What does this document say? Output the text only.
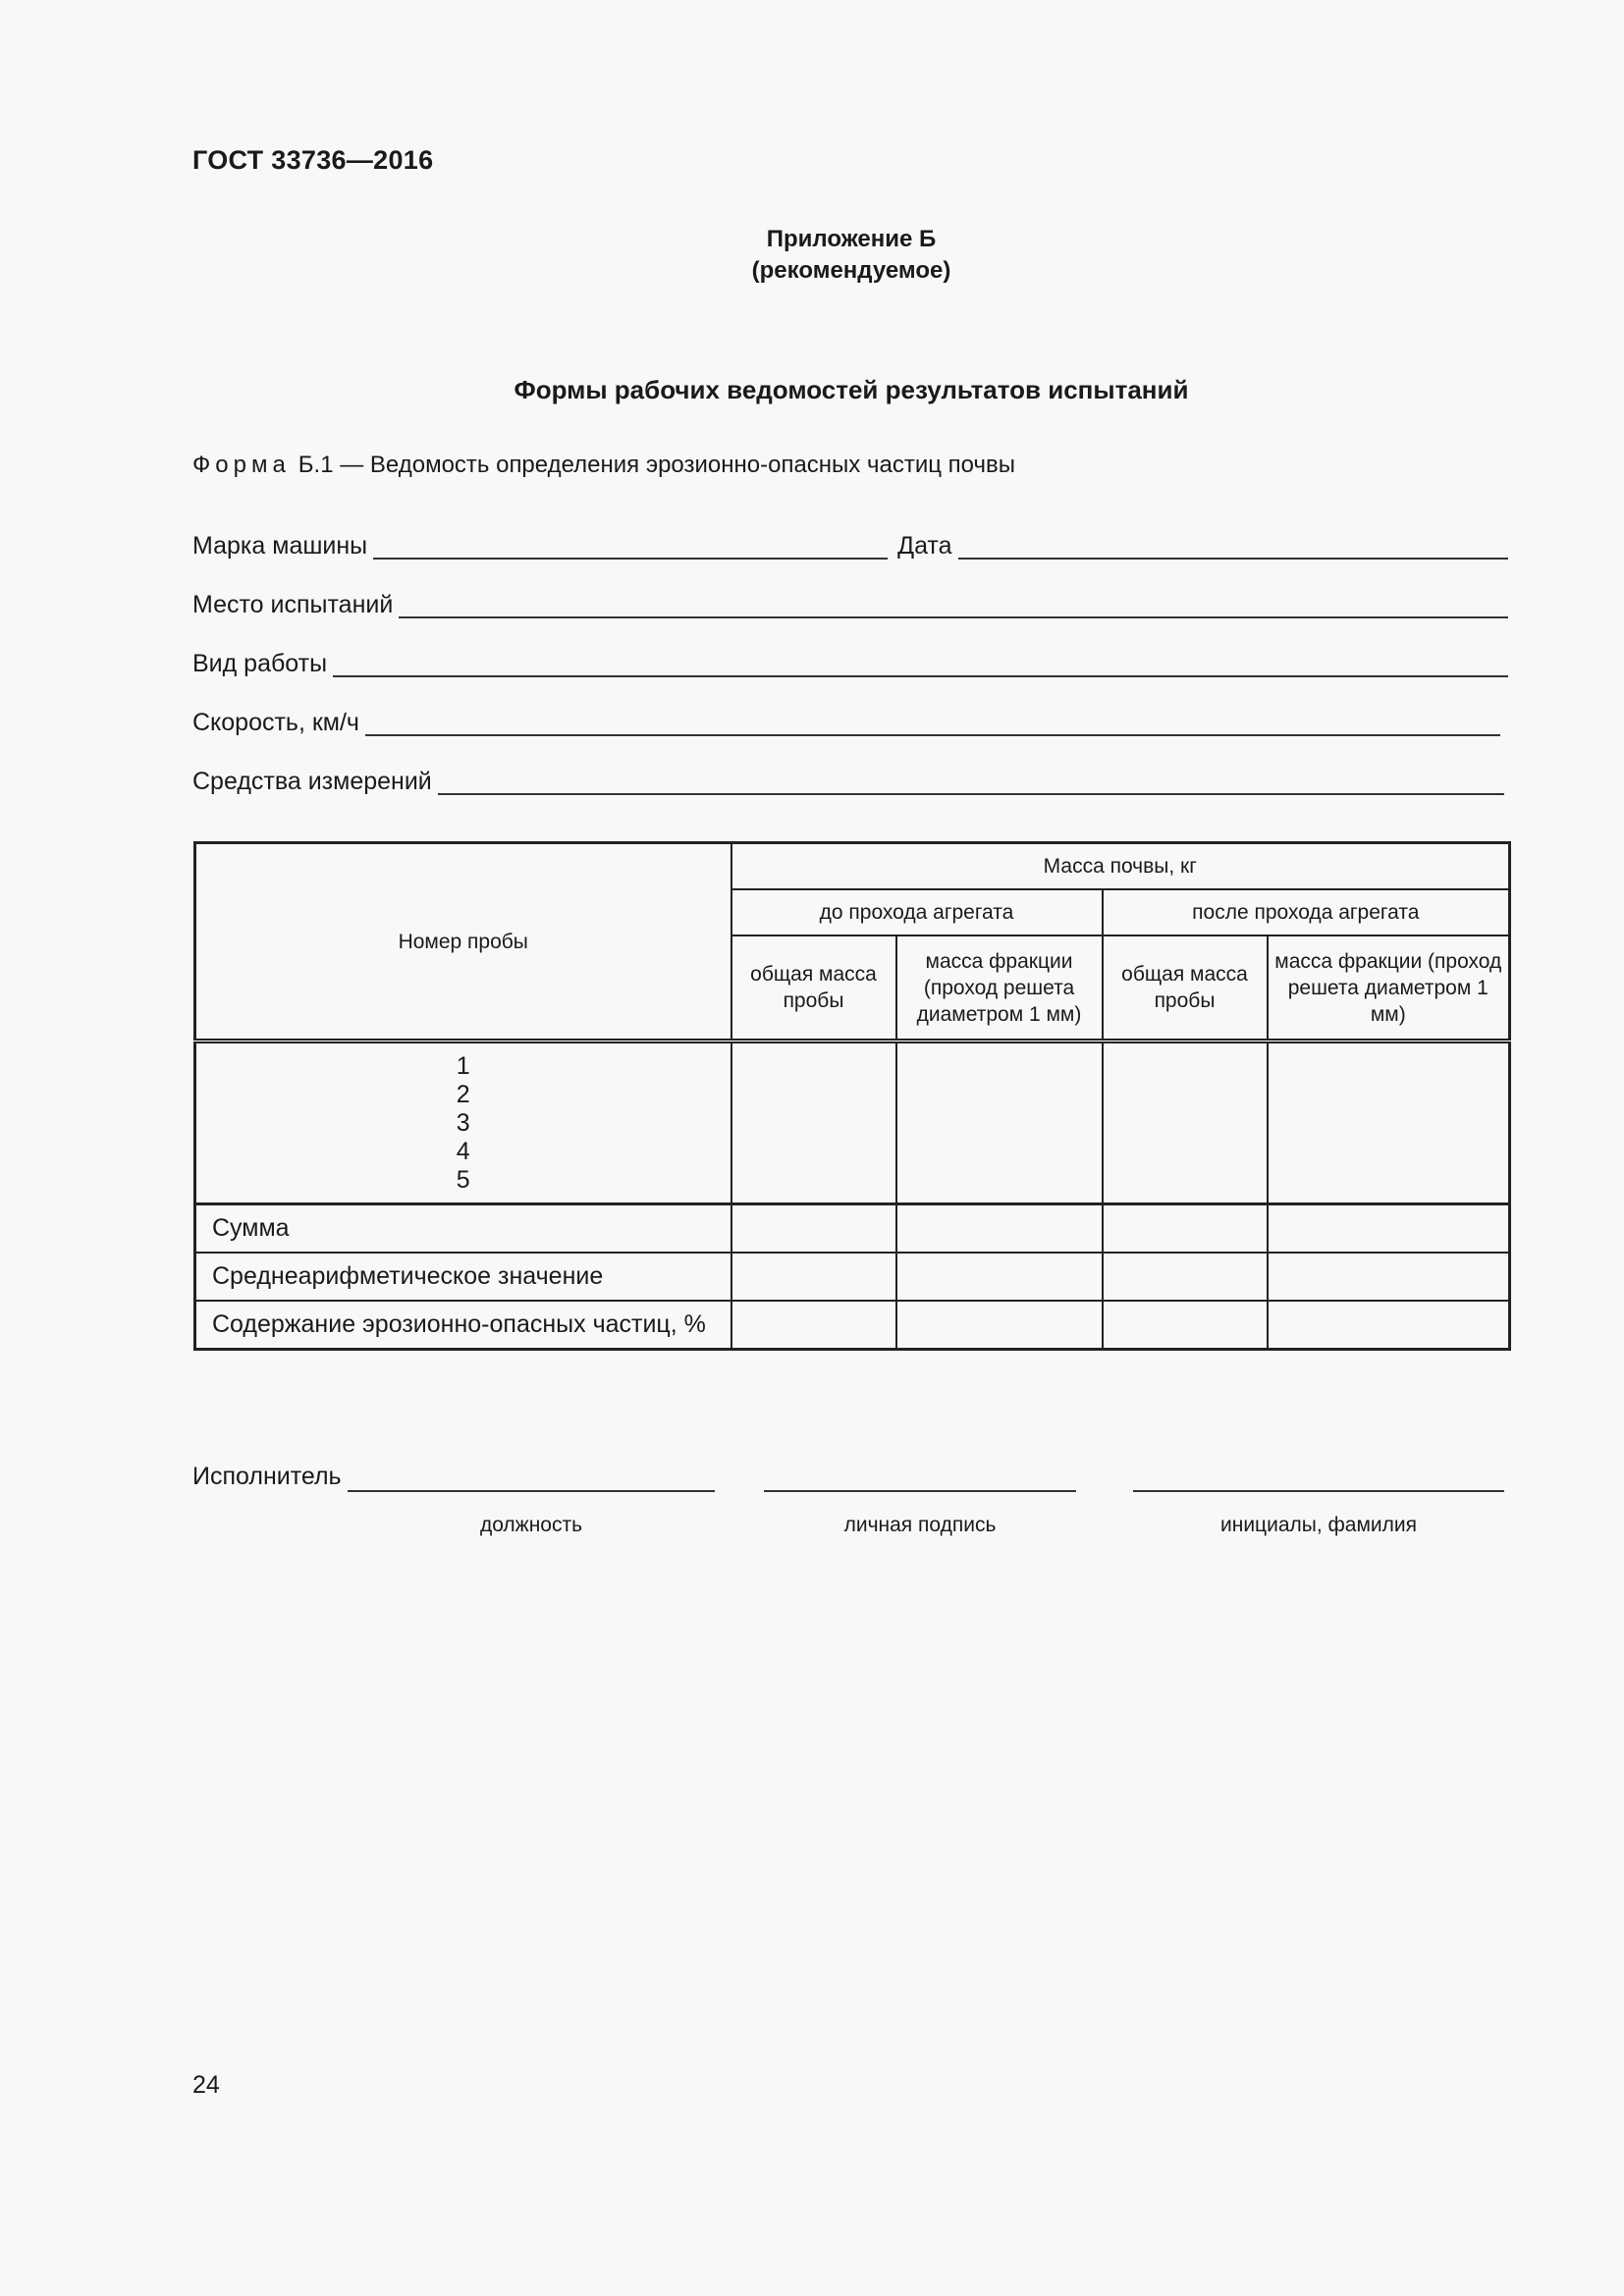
ГОСТ 33736—2016
Приложение Б
(рекомендуемое)
Формы рабочих ведомостей результатов испытаний
Форма Б.1 — Ведомость определения эрозионно-опасных частиц почвы
Марка машины	Дата
Место испытаний
Вид работы
Скорость, км/ч
Средства измерений
Номер пробы	Масса почвы, кг			
	до прохода агрегата		после прохода агрегата	
	общая масса пробы	масса фракции (проход решета диаметром 1 мм)	общая масса пробы	масса фракции (проход решета диаметром 1 мм)

1
2
3
4
5				

Сумма				
Среднеарифметическое значение				
Содержание эрозионно-опасных частиц, %				
Исполнитель
должность	личная подпись	инициалы, фамилия
24
